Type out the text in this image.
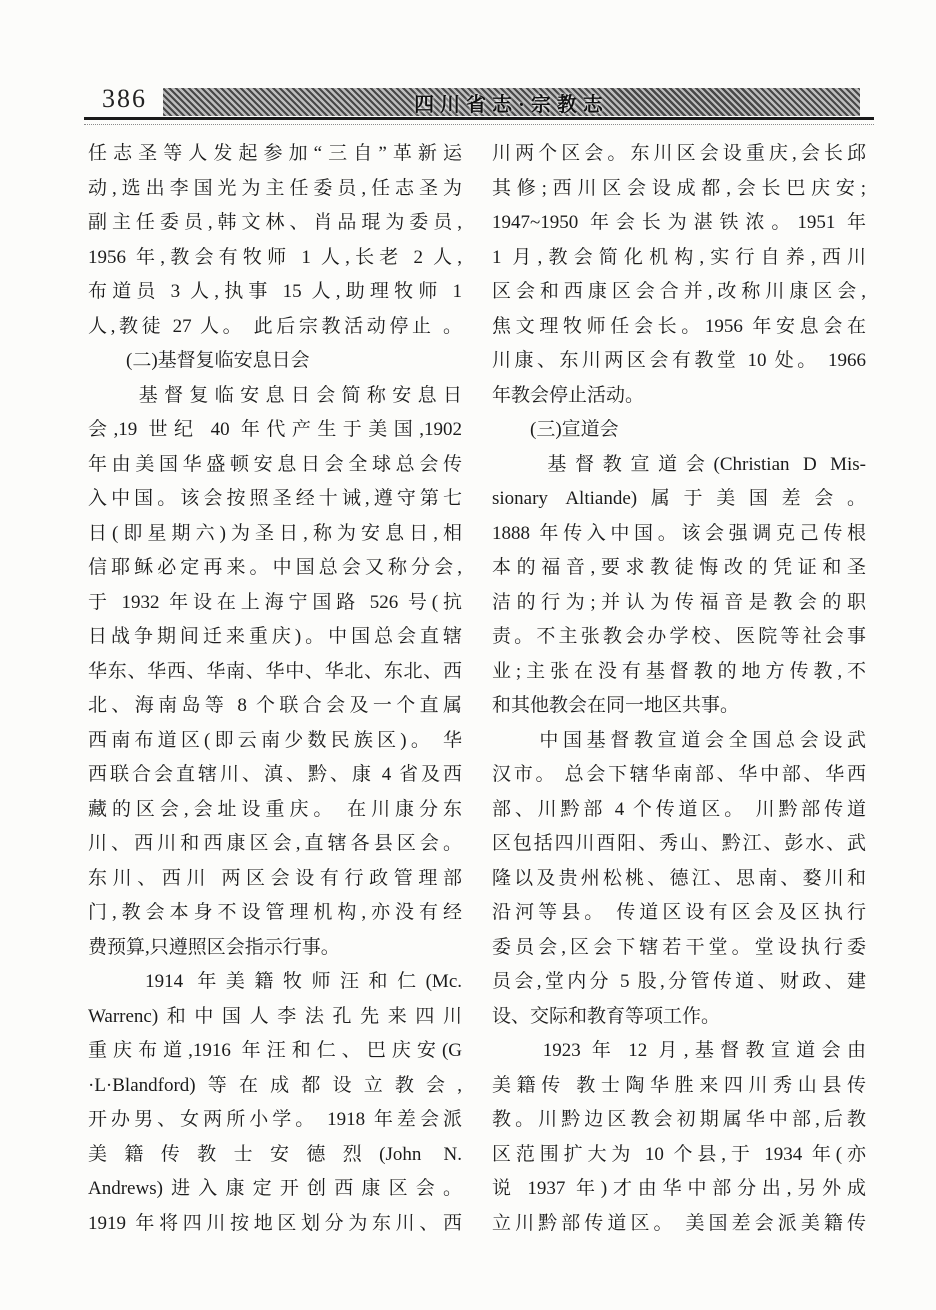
386	四川省志·宗教志
任志圣等人发起参加“三自”革新运
动,选出李国光为主任委员,任志圣为
副主任委员,韩文林、肖品琨为委员,
1956 年,教会有牧师 1 人,长老 2 人,
布道员 3 人,执事 15 人,助理牧师 1
人,教徒 27 人。 此后宗教活动停止 。
　　(二)基督复临安息日会
　　基督复临安息日会简称安息日
会,19 世纪 40 年代产生于美国,1902
年由美国华盛顿安息日会全球总会传
入中国。该会按照圣经十诫,遵守第七
日(即星期六)为圣日,称为安息日,相
信耶稣必定再来。中国总会又称分会,
于 1932 年设在上海宁国路 526 号(抗
日战争期间迁来重庆)。中国总会直辖
华东、华西、华南、华中、华北、东北、西
北、海南岛等 8 个联合会及一个直属
西南布道区(即云南少数民族区)。 华
西联合会直辖川、滇、黔、康 4 省及西
藏的区会,会址设重庆。 在川康分东
川、西川和西康区会,直辖各县区会。
东川、西川 两区会设有行政管理部
门,教会本身不设管理机构,亦没有经
费预算,只遵照区会指示行事。
　　1914 年美籍牧师汪和仁(Mc.
Warrenc)和中国人李法孔先来四川
重庆布道,1916 年汪和仁、巴庆安(G
·L·Blandford)等在成都设立教会,
开办男、女两所小学。 1918 年差会派
美籍传教士安德烈(John N.
Andrews)进入康定开创西康区会。
1919 年将四川按地区划分为东川、西
川两个区会。东川区会设重庆,会长邱
其修;西川区会设成都,会长巴庆安;
1947~1950 年会长为湛铁浓。1951 年
1 月,教会简化机构,实行自养,西川
区会和西康区会合并,改称川康区会,
焦文理牧师任会长。1956 年安息会在
川康、东川两区会有教堂 10 处。 1966
年教会停止活动。
　　(三)宣道会
　　基督教宣道会(Christian D Mis-
sionary Altiande)属于美国差会。
1888 年传入中国。该会强调克己传根
本的福音,要求教徒悔改的凭证和圣
洁的行为;并认为传福音是教会的职
责。不主张教会办学校、医院等社会事
业;主张在没有基督教的地方传教,不
和其他教会在同一地区共事。
　　中国基督教宣道会全国总会设武
汉市。 总会下辖华南部、华中部、华西
部、川黔部 4 个传道区。 川黔部传道
区包括四川酉阳、秀山、黔江、彭水、武
隆以及贵州松桃、德江、思南、婺川和
沿河等县。 传道区设有区会及区执行
委员会,区会下辖若干堂。堂设执行委
员会,堂内分 5 股,分管传道、财政、建
设、交际和教育等项工作。
　　1923 年 12 月,基督教宣道会由
美籍传 教士陶华胜来四川秀山县传
教。川黔边区教会初期属华中部,后教
区范围扩大为 10 个县,于 1934 年(亦
说 1937 年)才由华中部分出,另外成
立川黔部传道区。 美国差会派美籍传
